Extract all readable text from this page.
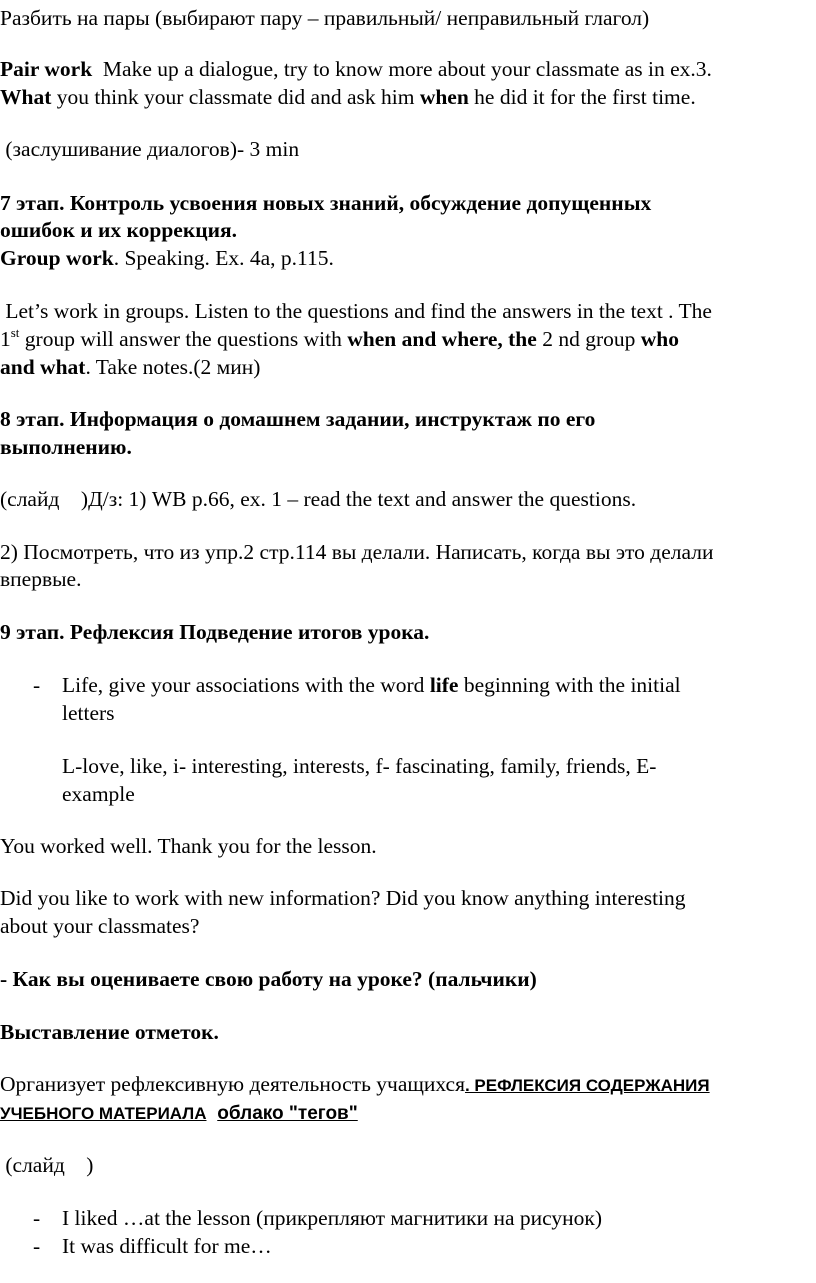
Разбить на пары (выбирают пару – правильный/ неправильный глагол)
Pair work  Make up a dialogue, try to know more about your classmate as in ex.3.
What you think your classmate did and ask him when he did it for the first time.
(заслушивание диалогов)- 3 min
7 этап. Контроль усвоения новых знаний, обсуждение допущенных
ошибок и их коррекция.
Group work. Speaking. Ex. 4a, p.115.
Let’s work in groups. Listen to the questions and find the answers in the text . The
1st group will answer the questions with when and where, the 2 nd group who
and what. Take notes.(2 мин)
8 этап. Информация о домашнем задании, инструктаж по его
выполнению.
(слайд    )Д/з: 1) WB p.66, ex. 1 – read the text and answer the questions.
2) Посмотреть, что из упр.2 стр.114 вы делали. Написать, когда вы это делали
впервые.
9 этап. Рефлексия Подведение итогов урока.
- Life, give your associations with the word life beginning with the initial
letters
L-love, like, i- interesting, interests, f- fascinating, family, friends, E-
example
You worked well. Thank you for the lesson.
Did you like to work with new information? Did you know anything interesting
about your classmates?
- Как вы оцениваете свою работу на уроке? (пальчики)
Выставление отметок.
Организует рефлексивную деятельность учащихся. РЕФЛЕКСИЯ СОДЕРЖАНИЯ
УЧЕБНОГО МАТЕРИАЛА облако "тегов"
(слайд    )
- I liked …at the lesson (прикрепляют магнитики на рисунок)
- It was difficult for me…
